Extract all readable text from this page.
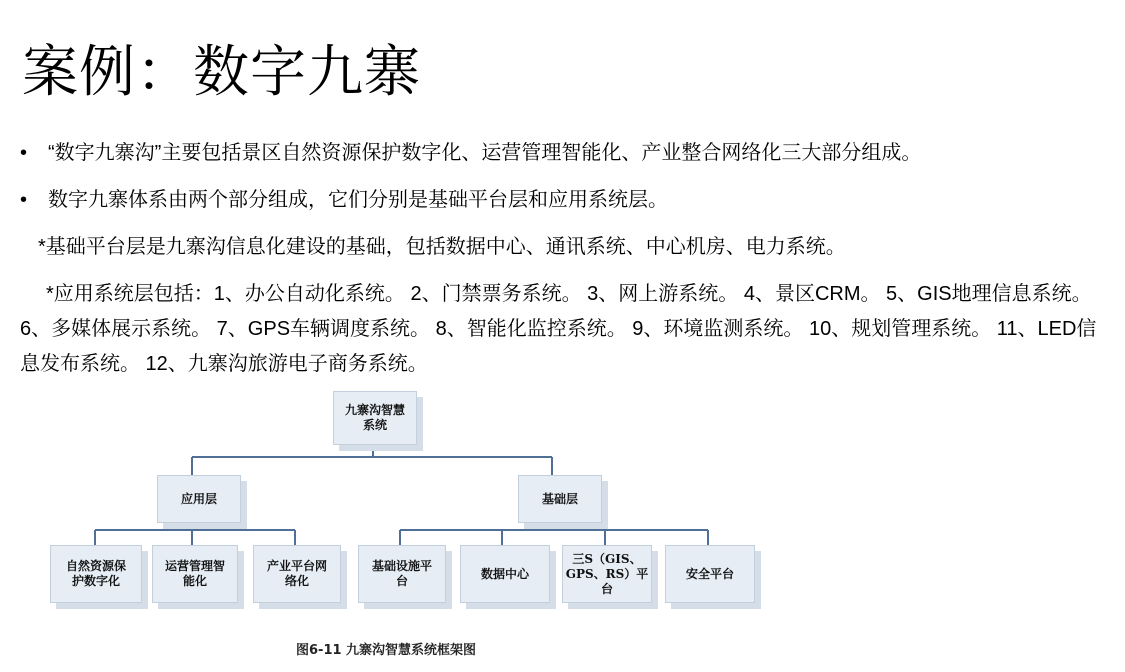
案例：数字九寨
• “数字九寨沟”主要包括景区自然资源保护数字化、运营管理智能化、产业整合网络化三大部分组成。
• 数字九寨体系由两个部分组成，它们分别是基础平台层和应用系统层。
*基础平台层是九寨沟信息化建设的基础，包括数据中心、通讯系统、中心机房、电力系统。
*应用系统层包括：1、办公自动化系统。 2、门禁票务系统。 3、网上游系统。 4、景区CRM。 5、GIS地理信息系统。 6、多媒体展示系统。 7、GPS车辆调度系统。 8、智能化监控系统。 9、环境监测系统。 10、规划管理系统。 11、LED信息发布系统。 12、九寨沟旅游电子商务系统。
九寨沟智慧
系统
应用层	基础层
自然资源保
护数字化
运营管理智
能化
产业平台网
络化
基础设施平
台
数据中心
三S（GIS、
GPS、RS）平
台
安全平台
图6-11 九寨沟智慧系统框架图
